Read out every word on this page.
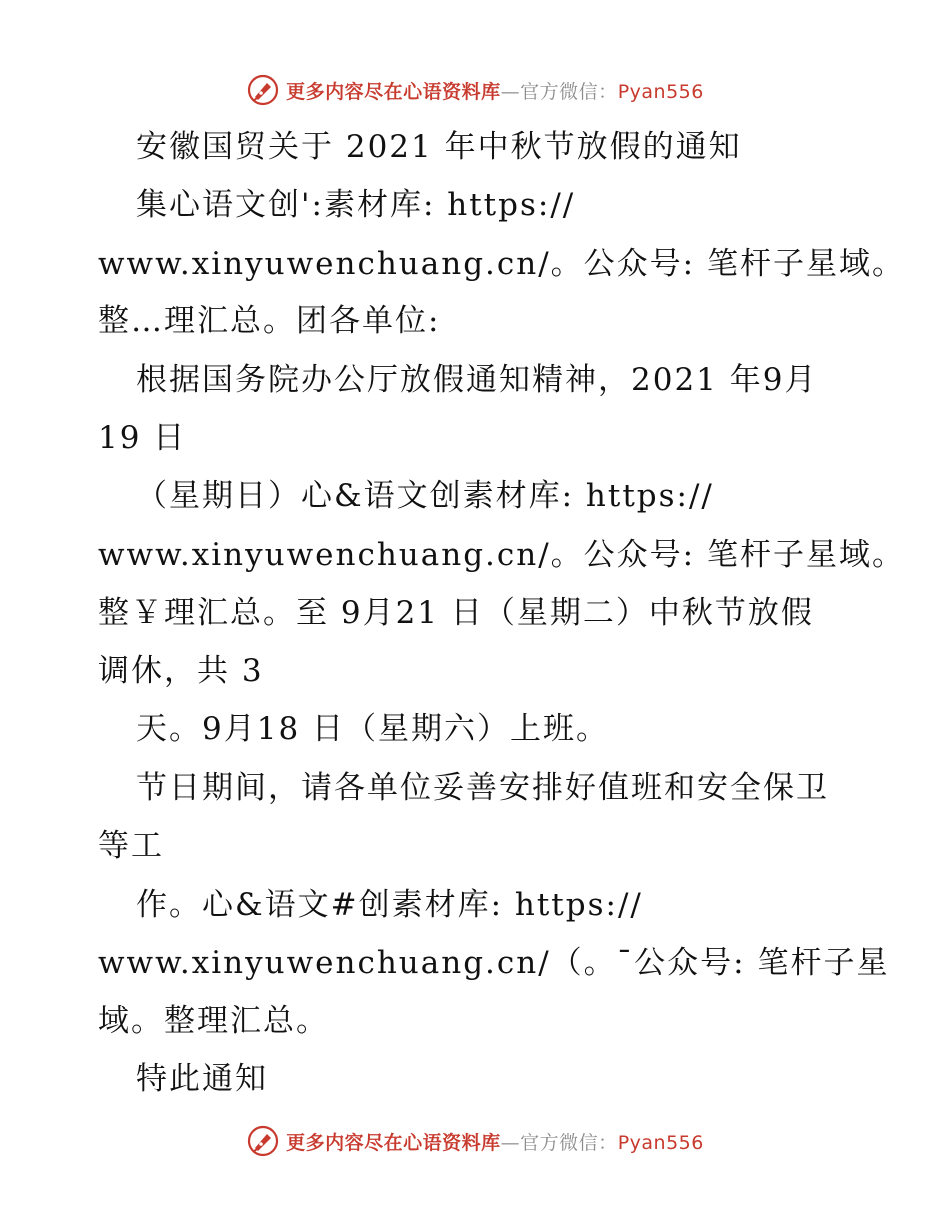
更多内容尽在心语资料库—官方微信：Pyan556
安徽国贸关于 2021 年中秋节放假的通知
集心语文创':素材库: https://
www.xinyuwenchuang.cn/。公众号: 笔杆子星域。
整…理汇总。团各单位:
根据国务院办公厅放假通知精神，2021 年9月
19 日
（星期日）心&语文创素材库: https://
www.xinyuwenchuang.cn/。公众号: 笔杆子星域。
整￥理汇总。至 9月21 日（星期二）中秋节放假
调休，共 3
天。9月18 日（星期六）上班。
节日期间，请各单位妥善安排好值班和安全保卫
等工
作。心&语文#创素材库: https://
www.xinyuwenchuang.cn/（。¯公众号: 笔杆子星
域。整理汇总。
特此通知
更多内容尽在心语资料库—官方微信：Pyan556
